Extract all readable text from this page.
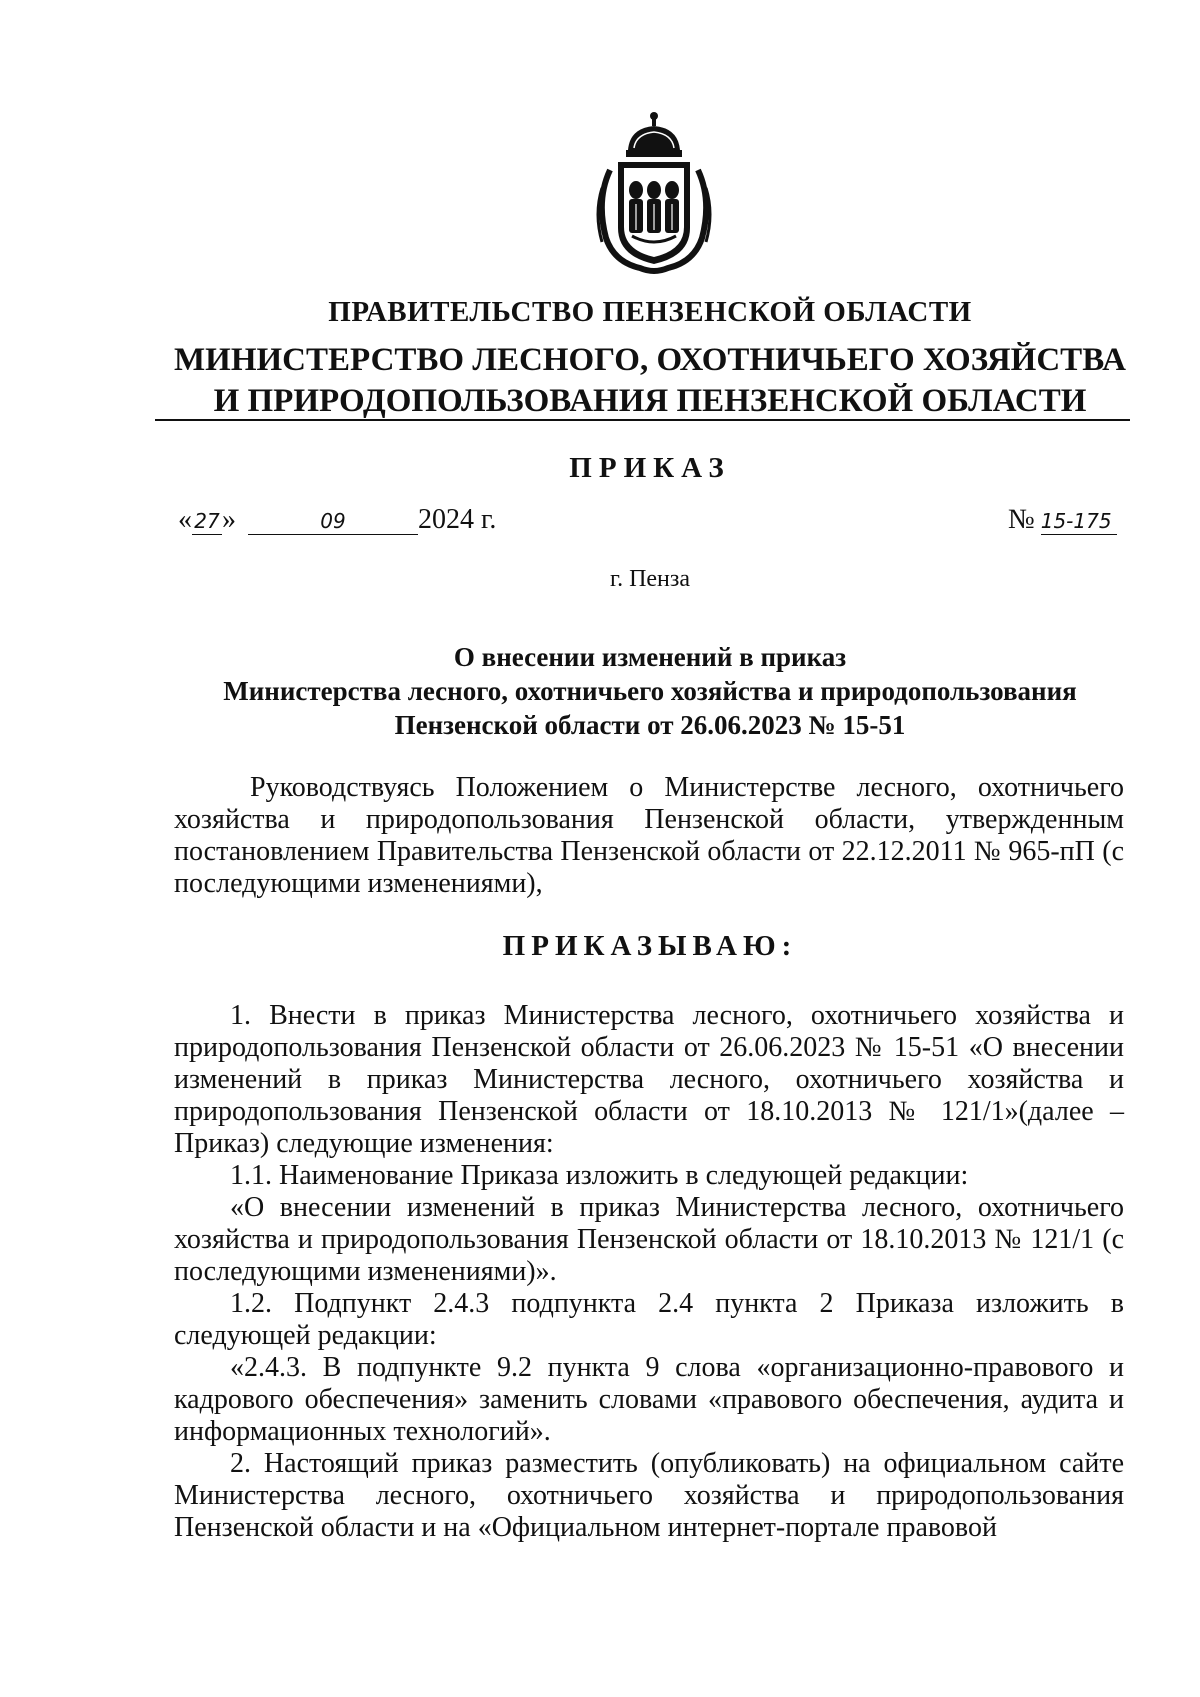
ПРАВИТЕЛЬСТВО ПЕНЗЕНСКОЙ ОБЛАСТИ
МИНИСТЕРСТВО ЛЕСНОГО, ОХОТНИЧЬЕГО ХОЗЯЙСТВА
И ПРИРОДОПОЛЬЗОВАНИЯ ПЕНЗЕНСКОЙ ОБЛАСТИ
ПРИКАЗ
« 27»	09	2024 г.	№ 15-175
г. Пенза
О внесении изменений в приказ
Министерства лесного, охотничьего хозяйства и природопользования
Пензенской области от 26.06.2023 № 15-51
Руководствуясь Положением о Министерстве лесного, охотничьего хозяйства и природопользования Пензенской области, утвержденным постановлением Правительства Пензенской области от 22.12.2011 № 965-пП (с последующими изменениями),
ПРИКАЗЫВАЮ:

1. Внести в приказ Министерства лесного, охотничьего хозяйства и природопользования Пензенской области от 26.06.2023 № 15-51 «О внесении изменений в приказ Министерства лесного, охотничьего хозяйства и природопользования Пензенской области от 18.10.2013 № 121/1»(далее – Приказ) следующие изменения:

1.1. Наименование Приказа изложить в следующей редакции:

«О внесении изменений в приказ Министерства лесного, охотничьего хозяйства и природопользования Пензенской области от 18.10.2013 № 121/1 (с последующими изменениями)».

1.2. Подпункт 2.4.3 подпункта 2.4 пункта 2 Приказа изложить в следующей редакции:

«2.4.3. В подпункте 9.2 пункта 9 слова «организационно-правового и кадрового обеспечения» заменить словами «правового обеспечения, аудита и информационных технологий».

2. Настоящий приказ разместить (опубликовать) на официальном сайте Министерства лесного, охотничьего хозяйства и природопользования Пензенской области и на «Официальном интернет-портале правовой
